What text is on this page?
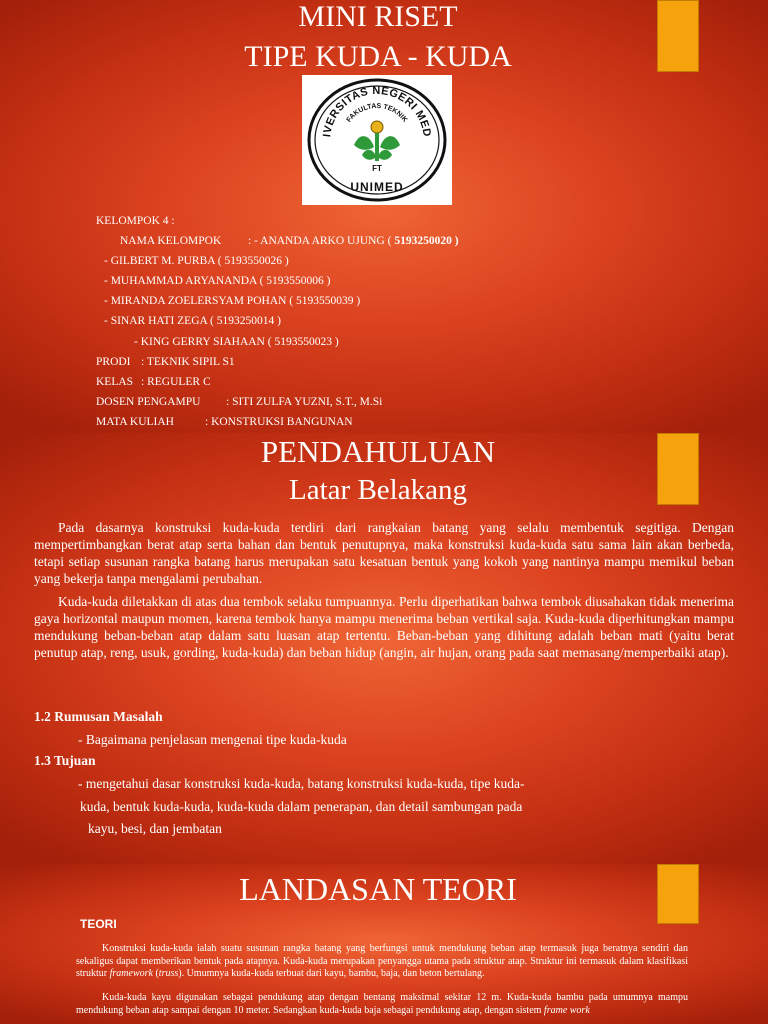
MINI RISET
TIPE KUDA - KUDA
IVERSITAS NEGERI MED
FAKULTAS TEKNIK
FT
UNIMED
KELOMPOK 4 :
NAMA KELOMPOK : - ANANDA ARKO UJUNG ( 5193250020 )
- GILBERT M. PURBA ( 5193550026 )
- MUHAMMAD ARYANANDA ( 5193550006 )
- MIRANDA ZOELERSYAM POHAN ( 5193550039 )
- SINAR HATI ZEGA ( 5193250014 )
- KING GERRY SIAHAAN ( 5193550023 )
PRODI : TEKNIK SIPIL S1
KELAS : REGULER C
DOSEN PENGAMPU : SITI ZULFA YUZNI, S.T., M.Si
MATA KULIAH	: KONSTRUKSI BANGUNAN
PENDAHULUAN
Latar Belakang

Pada dasarnya konstruksi kuda-kuda terdiri dari rangkaian batang yang selalu membentuk segitiga. Dengan mempertimbangkan berat atap serta bahan dan bentuk penutupnya, maka konstruksi kuda-kuda satu sama lain akan berbeda, tetapi setiap susunan rangka batang harus merupakan satu kesatuan bentuk yang kokoh yang nantinya mampu memikul beban yang bekerja tanpa mengalami perubahan.

Kuda-kuda diletakkan di atas dua tembok selaku tumpuannya. Perlu diperhatikan bahwa tembok diusahakan tidak menerima gaya horizontal maupun momen, karena tembok hanya mampu menerima beban vertikal saja. Kuda-kuda diperhitungkan mampu mendukung beban-beban atap dalam satu luasan atap tertentu. Beban-beban yang dihitung adalah beban mati (yaitu berat penutup atap, reng, usuk, gording, kuda-kuda) dan beban hidup (angin, air hujan, orang pada saat memasang/memperbaiki atap).

1.2 Rumusan Masalah
- Bagaimana penjelasan mengenai tipe kuda-kuda
1.3 Tujuan
- mengetahui dasar konstruksi kuda-kuda, batang konstruksi kuda-kuda, tipe kuda-
kuda, bentuk kuda-kuda, kuda-kuda dalam penerapan, dan detail sambungan pada
kayu, besi, dan jembatan
LANDASAN TEORI
TEORI

Konstruksi kuda-kuda ialah suatu susunan rangka batang yang berfungsi untuk mendukung beban atap termasuk juga beratnya sendiri dan sekaligus dapat memberikan bentuk pada atapnya. Kuda-kuda merupakan penyangga utama pada struktur atap. Struktur ini termasuk dalam klasifikasi struktur framework (truss). Umumnya kuda-kuda terbuat dari kayu, bambu, baja, dan beton bertulang.

Kuda-kuda kayu digunakan sebagai pendukung atap dengan bentang maksimal sekitar 12 m. Kuda-kuda bambu pada umumnya mampu mendukung beban atap sampai dengan 10 meter. Sedangkan kuda-kuda baja sebagai pendukung atap, dengan sistem frame work
